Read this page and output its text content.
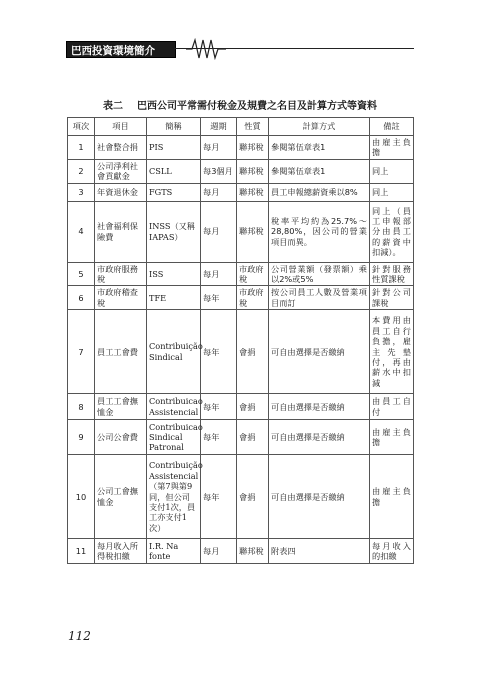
巴西投資環境簡介
表二 巴西公司平常需付稅金及規費之名目及計算方式等資料
項次	項目	簡稱	週期	性質	計算方式	備註
1	社會整合捐	PIS	每月	聯邦稅	參閱第伍章表1	由雇主負擔
2	公司淨利社會貢獻金	CSLL	每3個月	聯邦稅	參閱第伍章表1	同上
3	年資退休金	FGTS	每月	聯邦稅	員工申報總薪資乘以8%	同上
4	社會福利保險費	INSS（又稱IAPAS）	每月	聯邦稅	稅率平均約為25.7%～28,80%，因公司的營業項目而異。	同上（員工申報部分由員工的薪資中扣減）。
5	市政府服務稅	ISS	每月	市政府稅	公司營業額（發票額）乘以2%或5%	針對服務性質課稅
6	市政府稽查稅	TFE	每年	市政府稅	按公司員工人數及營業項目而訂	針對公司課稅
7	員工工會費	Contribuição Sindical	每年	會捐	可自由選擇是否繳納	本費用由員工自行負擔，雇主先墊付，再由薪水中扣減
8	員工工會撫恤金	Contribuicao Assistencial	每年	會捐	可自由選擇是否繳納	由員工自付
9	公司公會費	Contribuicao Sindical Patronal	每年	會捐	可自由選擇是否繳納	由雇主負擔
10	公司工會撫恤金	Contribuição Assistencial（第7與第9同，但公司支付1次，員工亦支付1次）	每年	會捐	可自由選擇是否繳納	由雇主負擔
11	每月收入所得稅扣繳	I.R. Na fonte	每月	聯邦稅	附表四	每月收入的扣繳
112
